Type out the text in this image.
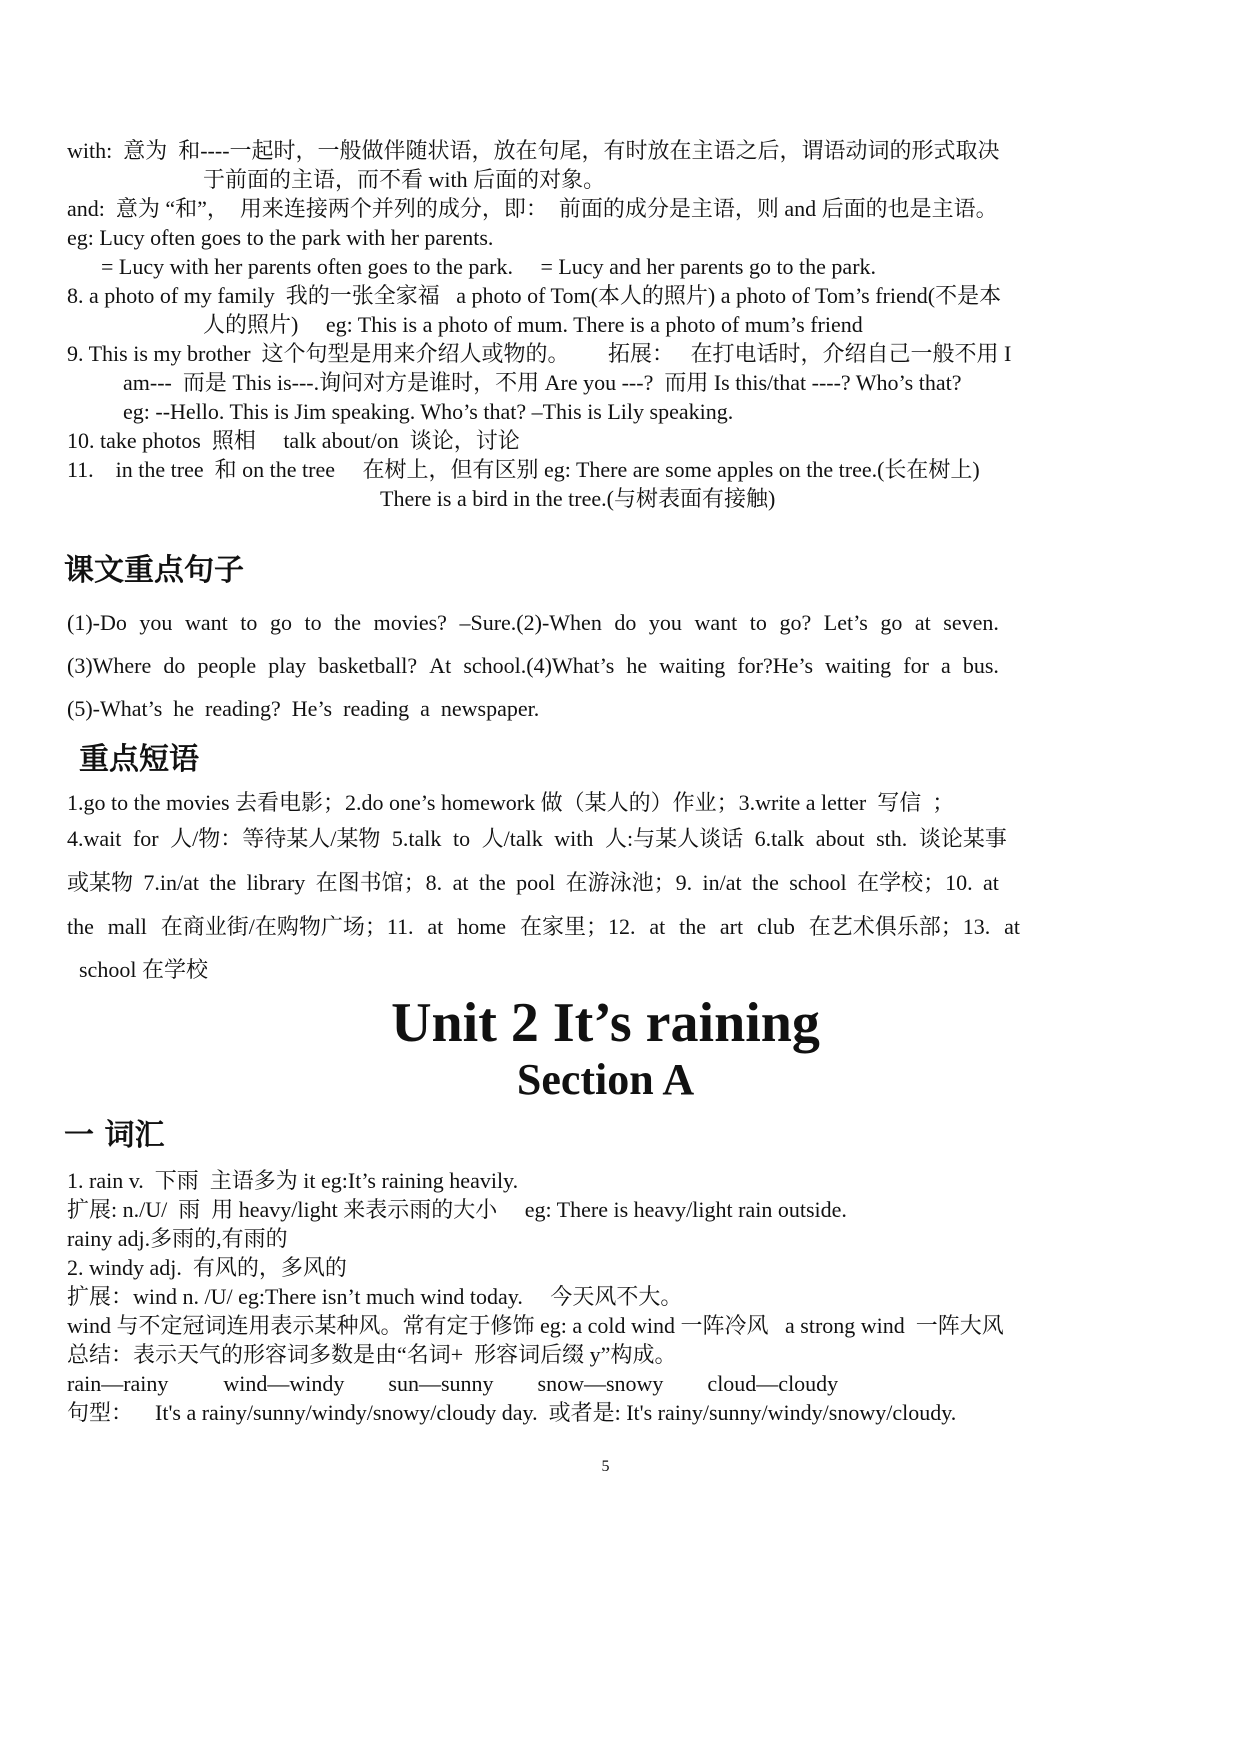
with:  意为  和----一起时，一般做伴随状语，放在句尾，有时放在主语之后，谓语动词的形式取决
于前面的主语，而不看 with 后面的对象。
and:  意为 “和”，  用来连接两个并列的成分，即：  前面的成分是主语，则 and 后面的也是主语。
eg: Lucy often goes to the park with her parents.
= Lucy with her parents often goes to the park.     = Lucy and her parents go to the park.
8. a photo of my family  我的一张全家福   a photo of Tom(本人的照片) a photo of Tom’s friend(不是本
人的照片)     eg: This is a photo of mum. There is a photo of mum’s friend
9. This is my brother  这个句型是用来介绍人或物的。       拓展：   在打电话时，介绍自己一般不用 I
am---  而是 This is---.询问对方是谁时，不用 Are you ---?  而用 Is this/that ----? Who’s that?
eg: --Hello. This is Jim speaking. Who’s that? –This is Lily speaking.
10. take photos  照相     talk about/on  谈论，讨论
11.    in the tree  和 on the tree     在树上，但有区别 eg: There are some apples on the tree.(长在树上)
There is a bird in the tree.(与树表面有接触)
课文重点句子
(1)-Do you want to go to the movies? –Sure.(2)-When do you want to go? Let’s go at seven.
(3)Where do people play basketball? At school.(4)What’s he waiting for?He’s waiting for a bus.
(5)-What’s  he  reading?  He’s  reading  a  newspaper.
重点短语
1.go to the movies 去看电影；2.do one’s homework 做（某人的）作业；3.write a letter  写信  ；
4.wait for 人/物：等待某人/某物 5.talk to 人/talk with 人:与某人谈话 6.talk about sth. 谈论某事
或某物 7.in/at the library 在图书馆；8. at the pool 在游泳池；9. in/at the school 在学校；10. at
the mall 在商业街/在购物广场；11. at home 在家里；12. at the art club 在艺术俱乐部；13. at
school 在学校
Unit 2 It’s raining
Section A
一 词汇
1. rain v.  下雨  主语多为 it eg:It’s raining heavily.
扩展: n./U/  雨  用 heavy/light 来表示雨的大小     eg: There is heavy/light rain outside.
rainy adj.多雨的,有雨的
2. windy adj.  有风的，多风的
扩展：wind n. /U/ eg:There isn’t much wind today.     今天风不大。
wind 与不定冠词连用表示某种风。常有定于修饰 eg: a cold wind 一阵冷风   a strong wind  一阵大风
总结：表示天气的形容词多数是由“名词+  形容词后缀 y”构成。
rain—rainy          wind—windy        sun—sunny        snow—snowy        cloud—cloudy
句型：    It's a rainy/sunny/windy/snowy/cloudy day.  或者是: It's rainy/sunny/windy/snowy/cloudy.
5
